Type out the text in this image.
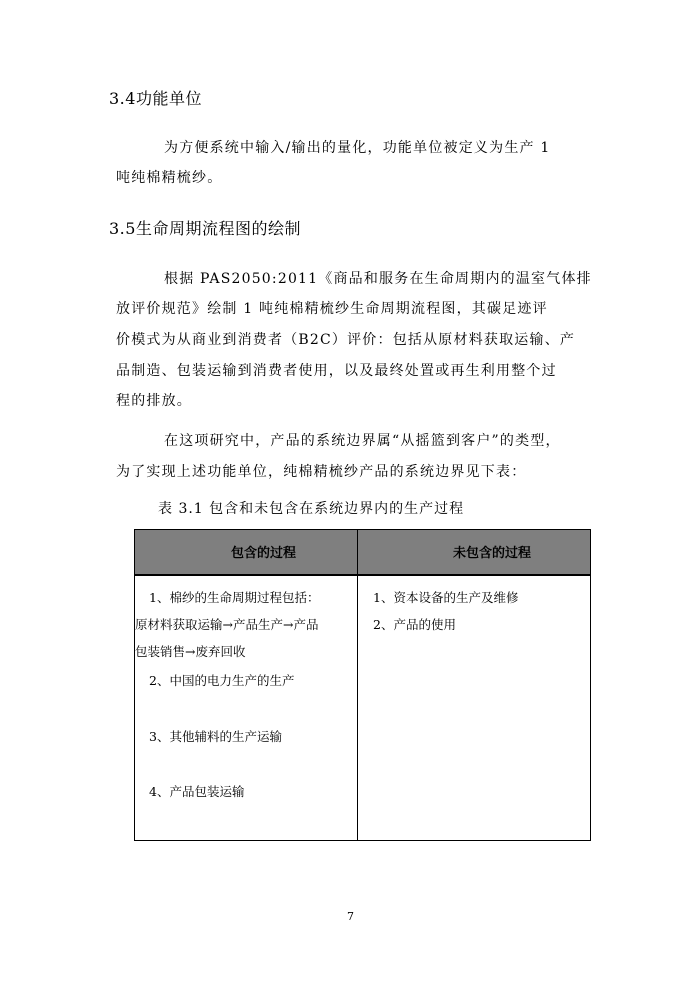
3.4功能单位
为方便系统中输入/输出的量化，功能单位被定义为生产 1
吨纯棉精梳纱。
3.5生命周期流程图的绘制
根据 PAS2050:2011《商品和服务在生命周期内的温室气体排
放评价规范》绘制 1 吨纯棉精梳纱生命周期流程图，其碳足迹评
价模式为从商业到消费者（B2C）评价：包括从原材料获取运输、产
品制造、包装运输到消费者使用，以及最终处置或再生利用整个过
程的排放。
在这项研究中，产品的系统边界属“从摇篮到客户”的类型，
为了实现上述功能单位，纯棉精梳纱产品的系统边界见下表：
表 3.1 包含和未包含在系统边界内的生产过程
包含的过程	未包含的过程
1、棉纱的生命周期过程包括：
原材料获取运输→产品生产→产品
包装销售→废弃回收
2、中国的电力生产的生产
3、其他辅料的生产运输
4、产品包装运输
1、资本设备的生产及维修
2、产品的使用
7
